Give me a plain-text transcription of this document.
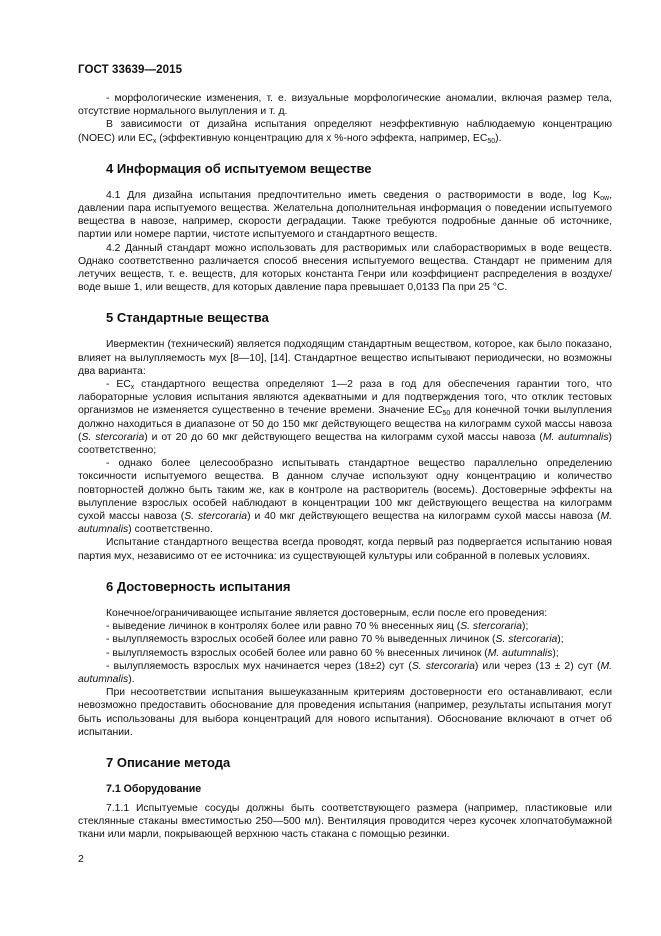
ГОСТ 33639—2015

- морфологические изменения, т. е. визуальные морфологические аномалии, включая размер тела, отсутствие нормального вылупления и т. д.

В зависимости от дизайна испытания определяют неэффективную наблюдаемую концентрацию (NOEC) или $EC_x$ (эффективную концентрацию для x %-ного эффекта, например, $EC_{50}$).

4 Информация об испытуемом веществе

4.1 Для дизайна испытания предпочтительно иметь сведения о растворимости в воде, $\log K_{ow}$, давлении пара испытуемого вещества. Желательна дополнительная информация о поведении испытуемого вещества в навозе, например, скорости деградации. Также требуются подробные данные об источнике, партии или номере партии, чистоте испытуемого и стандартного веществ.

4.2 Данный стандарт можно использовать для растворимых или слаборастворимых в воде веществ. Однако соответственно различается способ внесения испытуемого вещества. Стандарт не применим для летучих веществ, т. е. веществ, для которых константа Генри или коэффициент распределения в воздухе/воде выше 1, или веществ, для которых давление пара превышает 0,0133 Па при 25 °C.

5 Стандартные вещества

Ивермектин (технический) является подходящим стандартным веществом, которое, как было показано, влияет на вылупляемость мух [8—10], [14]. Стандартное вещество испытывают периодически, но возможны два варианта:

- $EC_x$ стандартного вещества определяют 1—2 раза в год для обеспечения гарантии того, что лабораторные условия испытания являются адекватными и для подтверждения того, что отклик тестовых организмов не изменяется существенно в течение времени. Значение $EC_{50}$ для конечной точки вылупления должно находиться в диапазоне от 50 до 150 мкг действующего вещества на килограмм сухой массы навоза (S. stercoraria) и от 20 до 60 мкг действующего вещества на килограмм сухой массы навоза (M. autumnalis) соответственно;

- однако более целесообразно испытывать стандартное вещество параллельно определению токсичности испытуемого вещества. В данном случае используют одну концентрацию и количество повторностей должно быть таким же, как в контроле на растворитель (восемь). Достоверные эффекты на вылупление взрослых особей наблюдают в концентрации 100 мкг действующего вещества на килограмм сухой массы навоза (S. stercoraria) и 40 мкг действующего вещества на килограмм сухой массы навоза (M. autumnalis) соответственно.

Испытание стандартного вещества всегда проводят, когда первый раз подвергается испытанию новая партия мух, независимо от ее источника: из существующей культуры или собранной в полевых условиях.

6 Достоверность испытания

Конечное/ограничивающее испытание является достоверным, если после его проведения:

- выведение личинок в контролях более или равно 70 % внесенных яиц (S. stercoraria);

- вылупляемость взрослых особей более или равно 70 % выведенных личинок (S. stercoraria);

- вылупляемость взрослых особей более или равно 60 % внесенных личинок (M. autumnalis);

- вылупляемость взрослых мух начинается через (18±2) сут (S. stercoraria) или через (13 ± 2) сут (M. autumnalis).

При несоответствии испытания вышеуказанным критериям достоверности его останавливают, если невозможно предоставить обоснование для проведения испытания (например, результаты испытания могут быть использованы для выбора концентраций для нового испытания). Обоснование включают в отчет об испытании.

7 Описание метода
7.1 Оборудование

7.1.1 Испытуемые сосуды должны быть соответствующего размера (например, пластиковые или стеклянные стаканы вместимостью 250—500 мл). Вентиляция проводится через кусочек хлопчатобумажной ткани или марли, покрывающей верхнюю часть стакана с помощью резинки.

2
